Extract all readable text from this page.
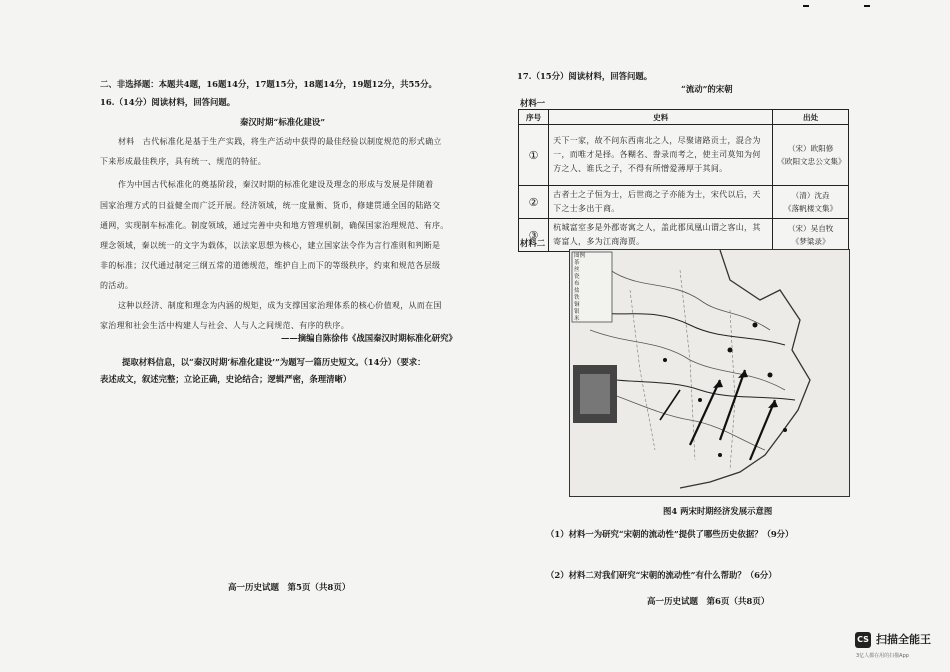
二、非选择题：本题共4题，16题14分，17题15分，18题14分，19题12分，共55分。
16.（14分）阅读材料，回答问题。
秦汉时期“标准化建设”
材料　古代标准化是基于生产实践，将生产活动中获得的最佳经验以制度规范的形式确立
下来形成最佳秩序，具有统一、规范的特征。
作为中国古代标准化的奠基阶段，秦汉时期的标准化建设及理念的形成与发展是伴随着
国家治理方式的日益健全而广泛开展。经济领域，统一度量衡、货币，修建贯通全国的陆路交
通网，实现制车标准化。制度领域，通过完善中央和地方管理机制，确保国家治理规范、有序。
理念领域，秦以统一的文字为载体，以法家思想为核心，建立国家法令作为言行准则和判断是
非的标准；汉代通过制定三纲五常的道德规范，维护自上而下的等级秩序，约束和规范各层级
的活动。
这种以经济、制度和理念为内涵的规矩，成为支撑国家治理体系的核心价值观，从而在国
家治理和社会生活中构建人与社会、人与人之间规范、有序的秩序。
——摘编自陈徐伟《战国秦汉时期标准化研究》
提取材料信息，以“秦汉时期‘标准化建设’”为题写一篇历史短文。（14分）（要求：
表述成文，叙述完整；立论正确，史论结合；逻辑严密，条理清晰）
高一历史试题　第5页（共8页）
17.（15分）阅读材料，回答问题。
“流动”的宋朝
材料一
序号	史料	出处
①	天下一家，故不问东西南北之人，尽聚诸路贡士，混合为一，而唯才是择。各糊名、誊录而考之，使主司莫知为何方之人、谁氏之子，不得有所憎爱薄厚于其间。	（宋）欧阳修
《欧阳文忠公文集》
②	古者士之子恒为士，后世商之子亦能为士，宋代以后，天下之士多出于商。	（清）沈垚
《落帆楼文集》
③	杭城富室多是外郡寄寓之人，盖此郡凤凰山谓之客山，其寄富人，多为江商海贾。	（宋）吴自牧
《梦粱录》
材料二
图例
茶
丝
瓷
布
盐
铁
铜
银
米
图4 两宋时期经济发展示意图
（1）材料一为研究“宋朝的流动性”提供了哪些历史依据？（9分）
（2）材料二对我们研究“宋朝的流动性”有什么帮助？（6分）
高一历史试题　第6页（共8页）
CS 扫描全能王
3亿人都在用的扫描App
